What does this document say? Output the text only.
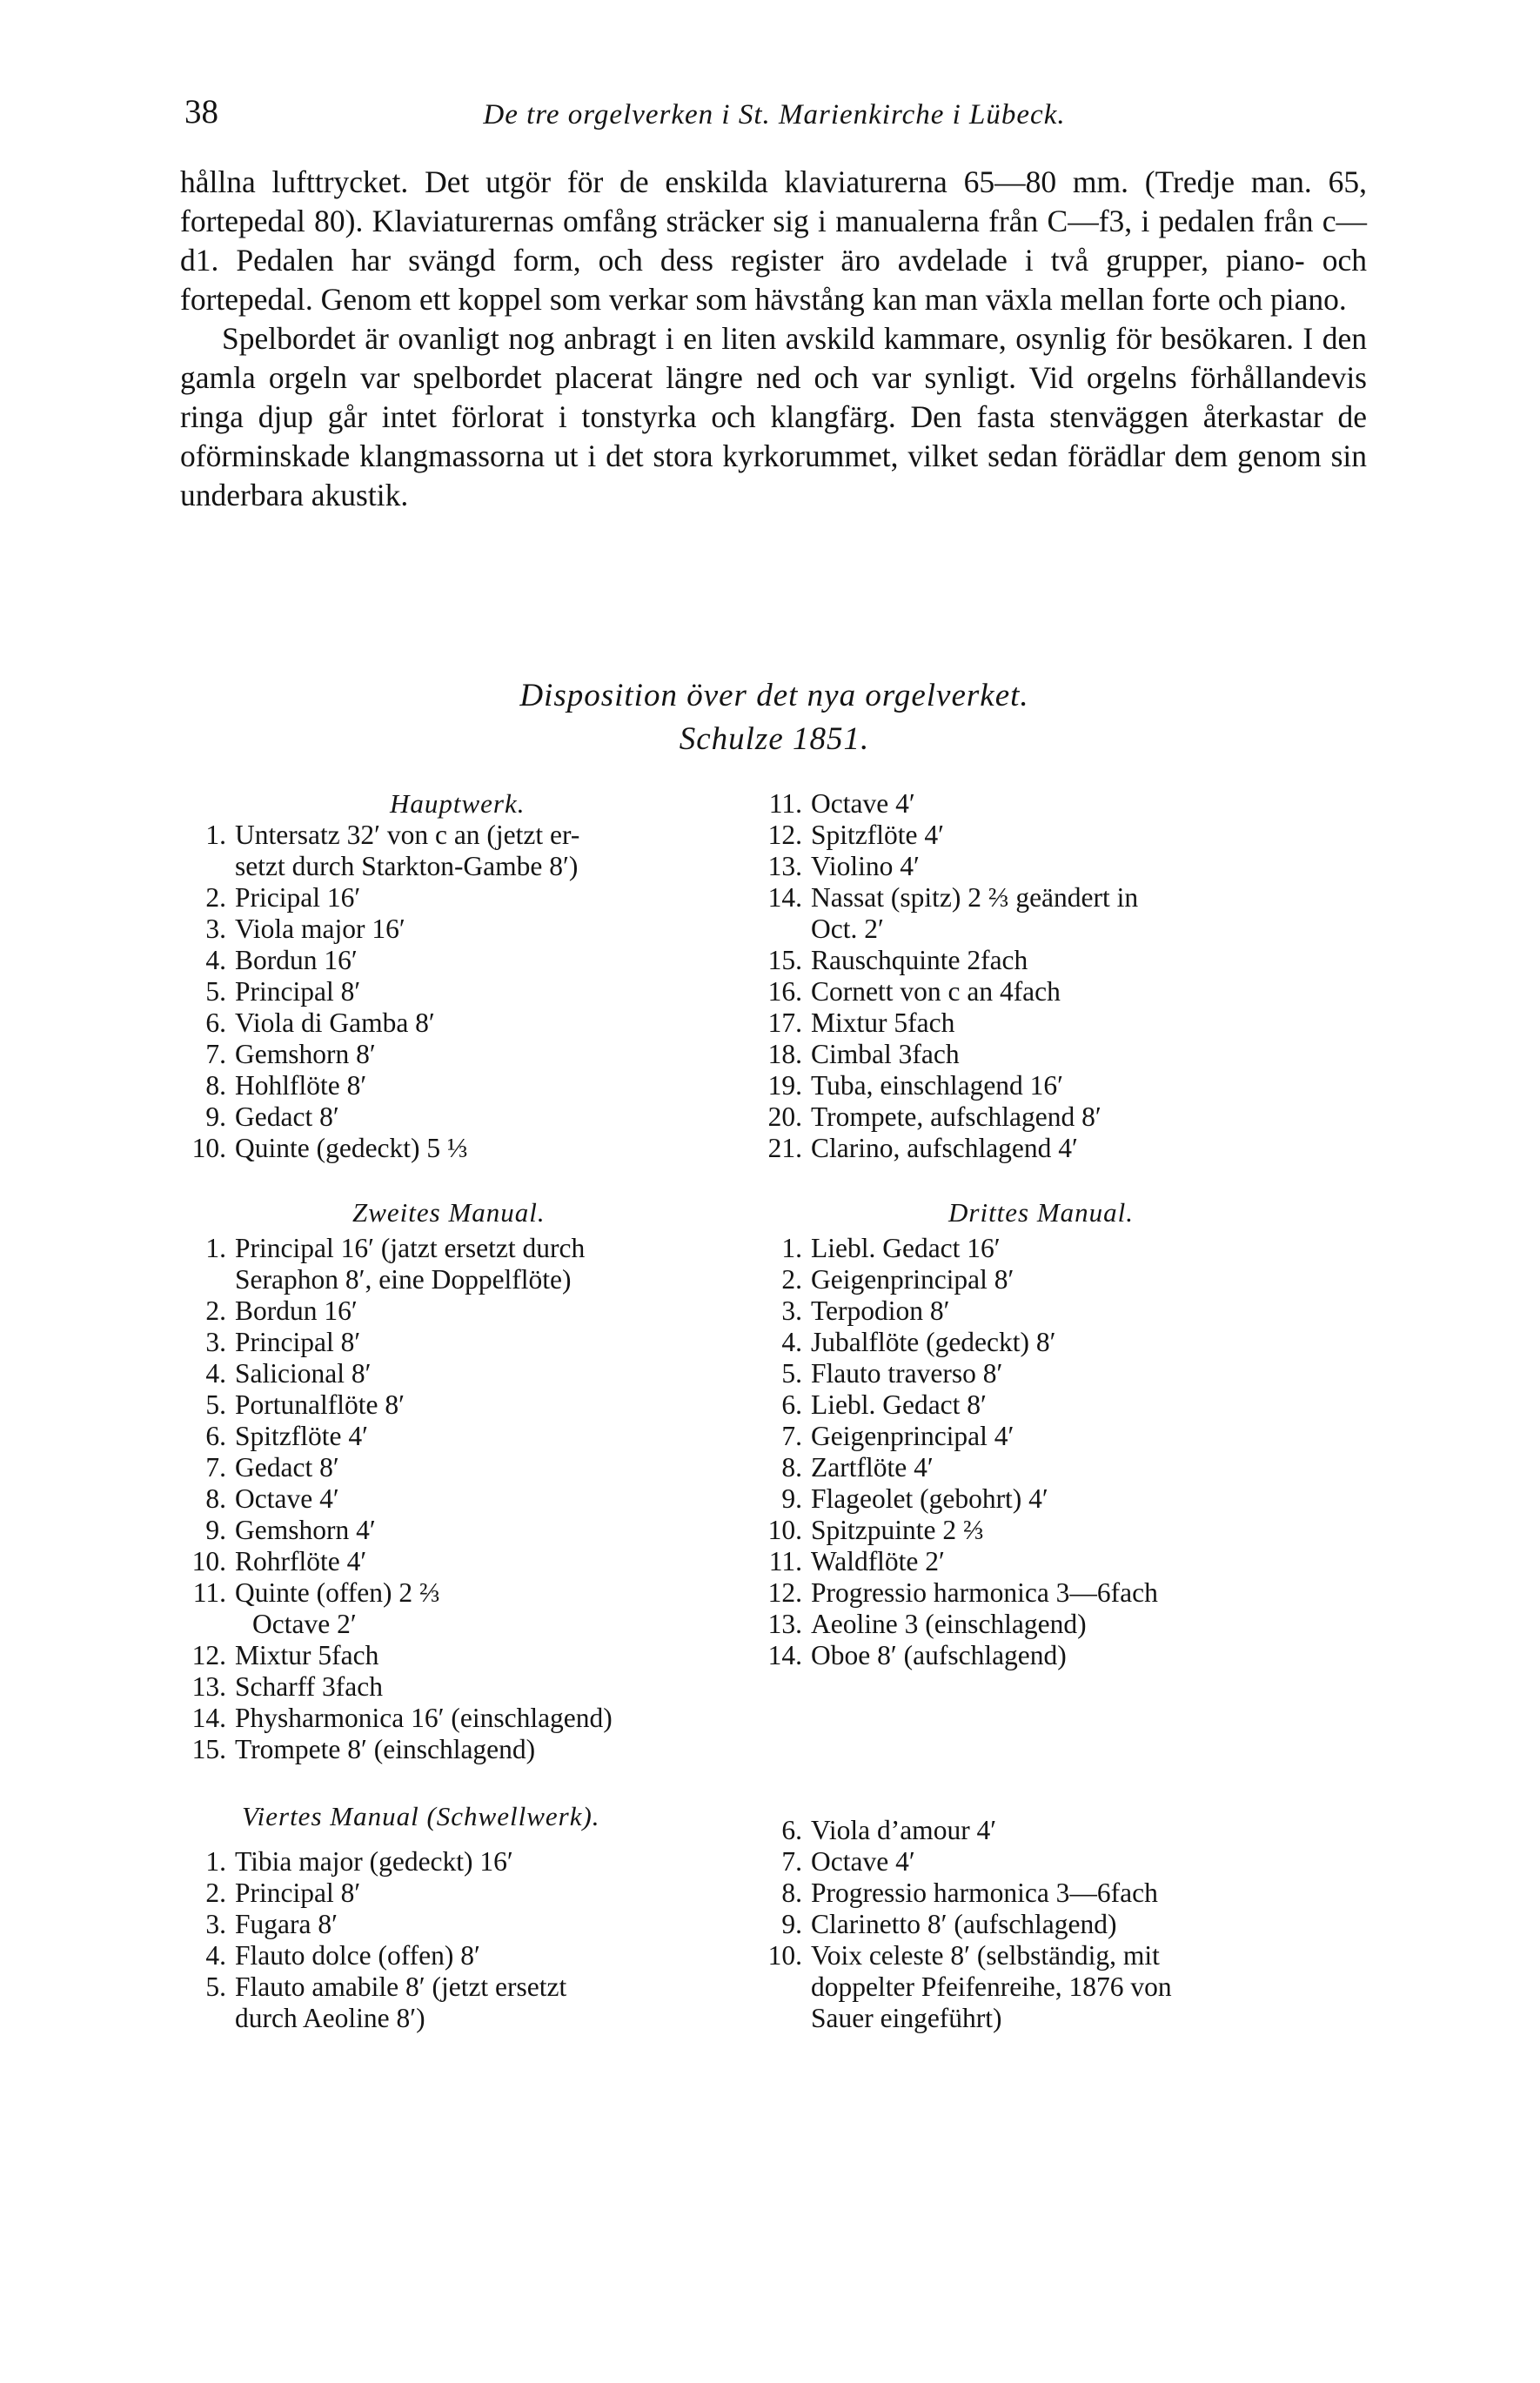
38	De tre orgelverken i St. Marienkirche i Lübeck.

hållna lufttrycket. Det utgör för de enskilda klaviaturerna 65—80 mm. (Tredje man. 65, fortepedal 80). Klaviaturernas omfång sträcker sig i manualerna från C—f3, i pedalen från c—d1. Pedalen har svängd form, och dess register äro avdelade i två grupper, piano- och fortepedal. Genom ett koppel som verkar som hävstång kan man växla mellan forte och piano.

Spelbordet är ovanligt nog anbragt i en liten avskild kammare, osynlig för besökaren. I den gamla orgeln var spelbordet placerat längre ned och var synligt. Vid orgelns förhållandevis ringa djup går intet förlorat i tonstyrka och klangfärg. Den fasta stenväggen återkastar de oförminskade klangmassorna ut i det stora kyrkorummet, vilket sedan förädlar dem genom sin underbara akustik.

Disposition över det nya orgelverket.
Schulze 1851.
Hauptwerk.
1. Untersatz 32′ von c an (jetzt er-
setzt durch Starkton-Gambe 8′)
2. Pricipal 16′
3. Viola major 16′
4. Bordun 16′
5. Principal 8′
6. Viola di Gamba 8′
7. Gemshorn 8′
8. Hohlflöte 8′
9. Gedact 8′
10. Quinte (gedeckt) 5 ⅓
11. Octave 4′
12. Spitzflöte 4′
13. Violino 4′
14. Nassat (spitz) 2 ⅔ geändert in
Oct. 2′
15. Rauschquinte 2fach
16. Cornett von c an 4fach
17. Mixtur 5fach
18. Cimbal 3fach
19. Tuba, einschlagend 16′
20. Trompete, aufschlagend 8′
21. Clarino, aufschlagend 4′
Zweites Manual.
1. Principal 16′ (jatzt ersetzt durch
Seraphon 8′, eine Doppelflöte)
2. Bordun 16′
3. Principal 8′
4. Salicional 8′
5. Portunalflöte 8′
6. Spitzflöte 4′
7. Gedact 8′
8. Octave 4′
9. Gemshorn 4′
10. Rohrflöte 4′
11. Quinte (offen) 2 ⅔
Octave 2′
12. Mixtur 5fach
13. Scharff 3fach
14. Physharmonica 16′ (einschlagend)
15. Trompete 8′ (einschlagend)
Drittes Manual.
1. Liebl. Gedact 16′
2. Geigenprincipal 8′
3. Terpodion 8′
4. Jubalflöte (gedeckt) 8′
5. Flauto traverso 8′
6. Liebl. Gedact 8′
7. Geigenprincipal 4′
8. Zartflöte 4′
9. Flageolet (gebohrt) 4′
10. Spitzpuinte 2 ⅔
11. Waldflöte 2′
12. Progressio harmonica 3—6fach
13. Aeoline 3 (einschlagend)
14. Oboe 8′ (aufschlagend)
Viertes Manual (Schwellwerk).
1. Tibia major (gedeckt) 16′
2. Principal 8′
3. Fugara 8′
4. Flauto dolce (offen) 8′
5. Flauto amabile 8′ (jetzt ersetzt
durch Aeoline 8′)
6. Viola d’amour 4′
7. Octave 4′
8. Progressio harmonica 3—6fach
9. Clarinetto 8′ (aufschlagend)
10. Voix celeste 8′ (selbständig, mit
doppelter Pfeifenreihe, 1876 von
Sauer eingeführt)
